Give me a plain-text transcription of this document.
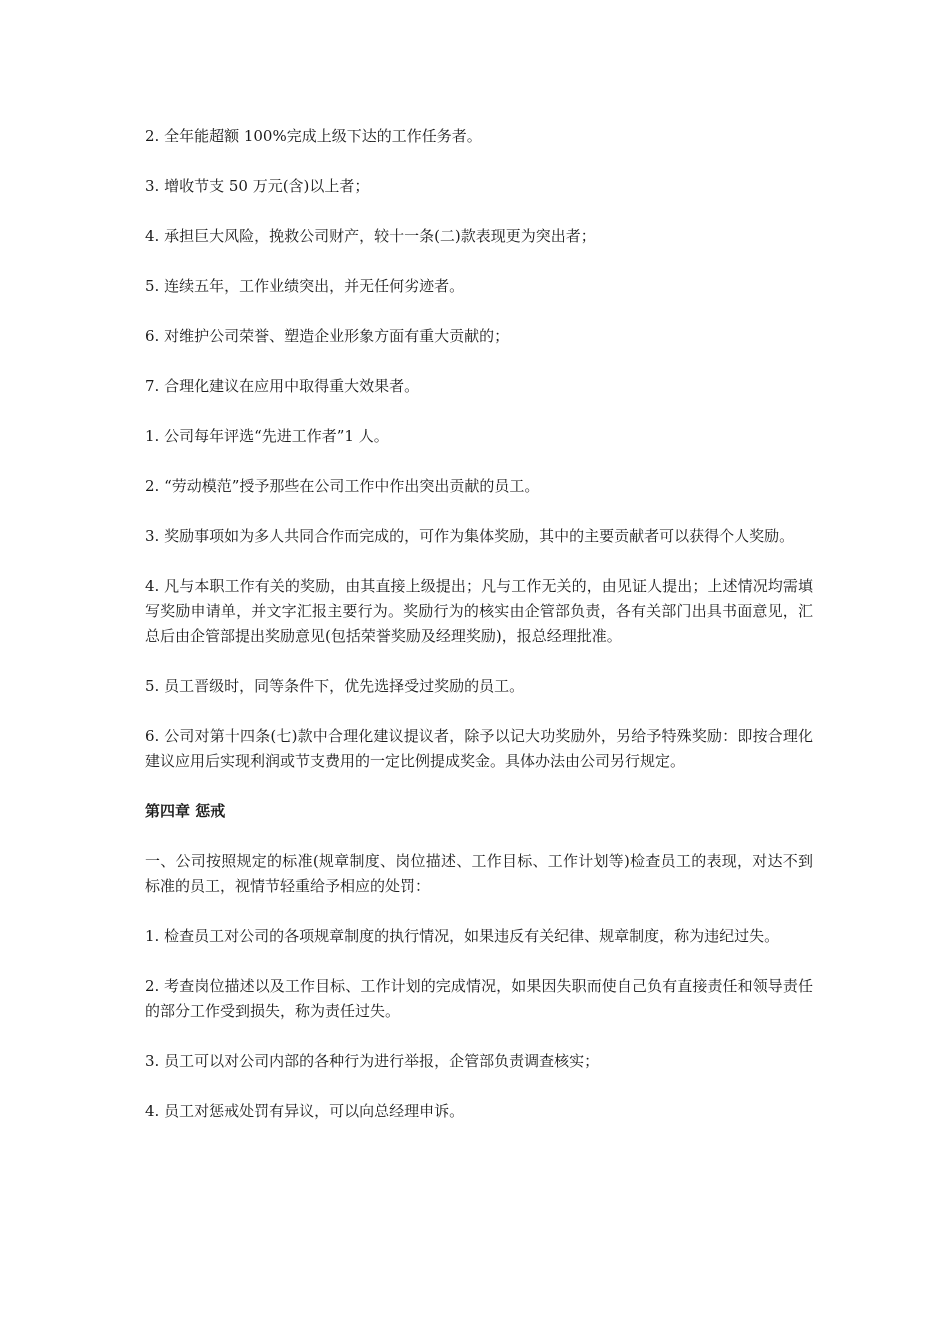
2. 全年能超额 100%完成上级下达的工作任务者。

3. 增收节支 50 万元(含)以上者；

4. 承担巨大风险，挽救公司财产，较十一条(二)款表现更为突出者；

5. 连续五年，工作业绩突出，并无任何劣迹者。

6. 对维护公司荣誉、塑造企业形象方面有重大贡献的；

7. 合理化建议在应用中取得重大效果者。

1. 公司每年评选“先进工作者”1 人。

2. “劳动模范”授予那些在公司工作中作出突出贡献的员工。

3. 奖励事项如为多人共同合作而完成的，可作为集体奖励，其中的主要贡献者可以获得个人奖励。

4. 凡与本职工作有关的奖励，由其直接上级提出；凡与工作无关的，由见证人提出；上述情况均需填写奖励申请单，并文字汇报主要行为。奖励行为的核实由企管部负责，各有关部门出具书面意见，汇总后由企管部提出奖励意见(包括荣誉奖励及经理奖励)，报总经理批准。

5. 员工晋级时，同等条件下，优先选择受过奖励的员工。

6. 公司对第十四条(七)款中合理化建议提议者，除予以记大功奖励外，另给予特殊奖励：即按合理化建议应用后实现利润或节支费用的一定比例提成奖金。具体办法由公司另行规定。

第四章 惩戒

一、公司按照规定的标准(规章制度、岗位描述、工作目标、工作计划等)检查员工的表现，对达不到标准的员工，视情节轻重给予相应的处罚：

1. 检查员工对公司的各项规章制度的执行情况，如果违反有关纪律、规章制度，称为违纪过失。

2. 考查岗位描述以及工作目标、工作计划的完成情况，如果因失职而使自己负有直接责任和领导责任的部分工作受到损失，称为责任过失。

3. 员工可以对公司内部的各种行为进行举报，企管部负责调查核实；

4. 员工对惩戒处罚有异议，可以向总经理申诉。
